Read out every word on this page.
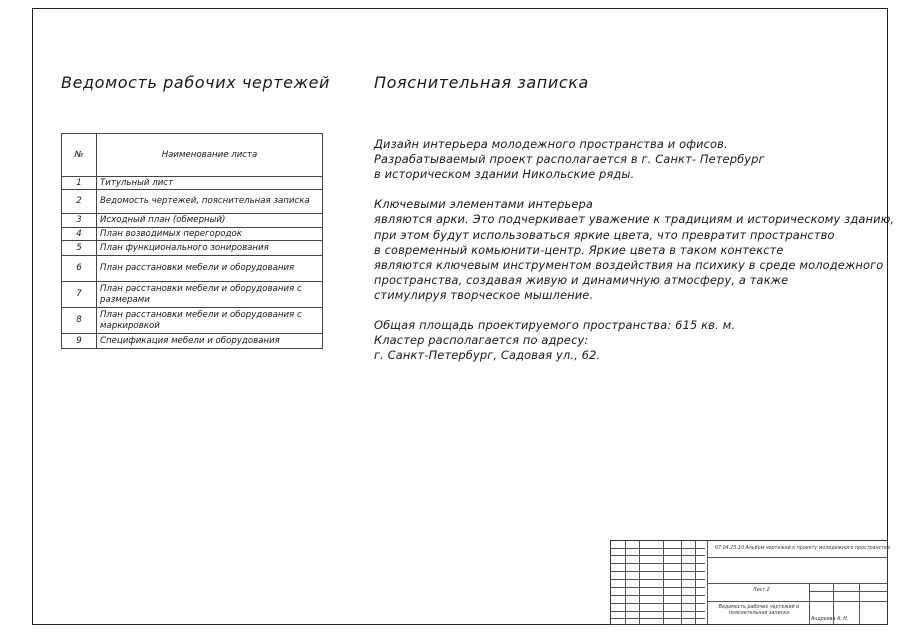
Ведомость рабочих чертежей	Пояснительная записка
№	Наименование листа
1	Титульный лист
2	Ведомость чертежей, пояснительная записка
3	Исходный план (обмерный)
4	План возводимых перегородок
5	План функционального зонирования
6	План расстановки мебели и оборудования
7	План расстановки мебели и оборудования с размерами
8	План расстановки мебели и оборудования с маркировкой
9	Спецификация мебели и оборудования
Дизайн интерьера молодежного пространства и офисов.
Разрабатываемый проект располагается в г. Санкт- Петербург
в историческом здании Никольские ряды.
Ключевыми элементами интерьера
являются арки. Это подчеркивает уважение к традициям и историческому зданию,
при этом будут использоваться яркие цвета, что превратит пространство
в современный комьюнити-центр. Яркие цвета в таком контексте
являются ключевым инструментом воздействия на психику в среде молодежного
пространства, создавая живую и динамичную атмосферу, а также
стимулируя творческое мышление.
Общая площадь проектируемого пространства: 615 кв. м.
Кластер располагается по адресу:
г. Санкт-Петербург, Садовая ул., 62.
07.04.23.10 Альбом чертежей к проекту молодежного пространства
Лист 2
Ведомость рабочих чертежей и пояснительная записка
Андреева А. Н.
